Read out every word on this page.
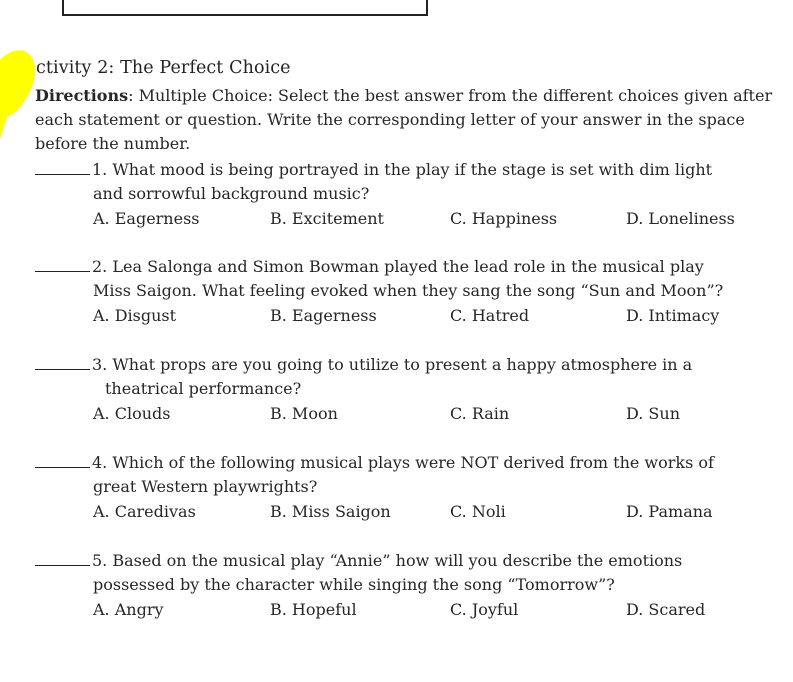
ctivity 2: The Perfect Choice
Directions: Multiple Choice: Select the best answer from the different choices given after each statement or question. Write the corresponding letter of your answer in the space before the number.
1. What mood is being portrayed in the play if the stage is set with dim light
and sorrowful background music?
A. Eagerness	B. Excitement	C. Happiness	D. Loneliness
2. Lea Salonga and Simon Bowman played the lead role in the musical play
Miss Saigon. What feeling evoked when they sang the song “Sun and Moon”?
A. Disgust	B. Eagerness	C. Hatred	D. Intimacy
3. What props are you going to utilize to present a happy atmosphere in a
theatrical performance?
A. Clouds	B. Moon	C. Rain	D. Sun
4. Which of the following musical plays were NOT derived from the works of
great Western playwrights?
A. Caredivas	B. Miss Saigon	C. Noli	D. Pamana
5. Based on the musical play “Annie” how will you describe the emotions
possessed by the character while singing the song “Tomorrow”?
A. Angry	B. Hopeful	C. Joyful	D. Scared
